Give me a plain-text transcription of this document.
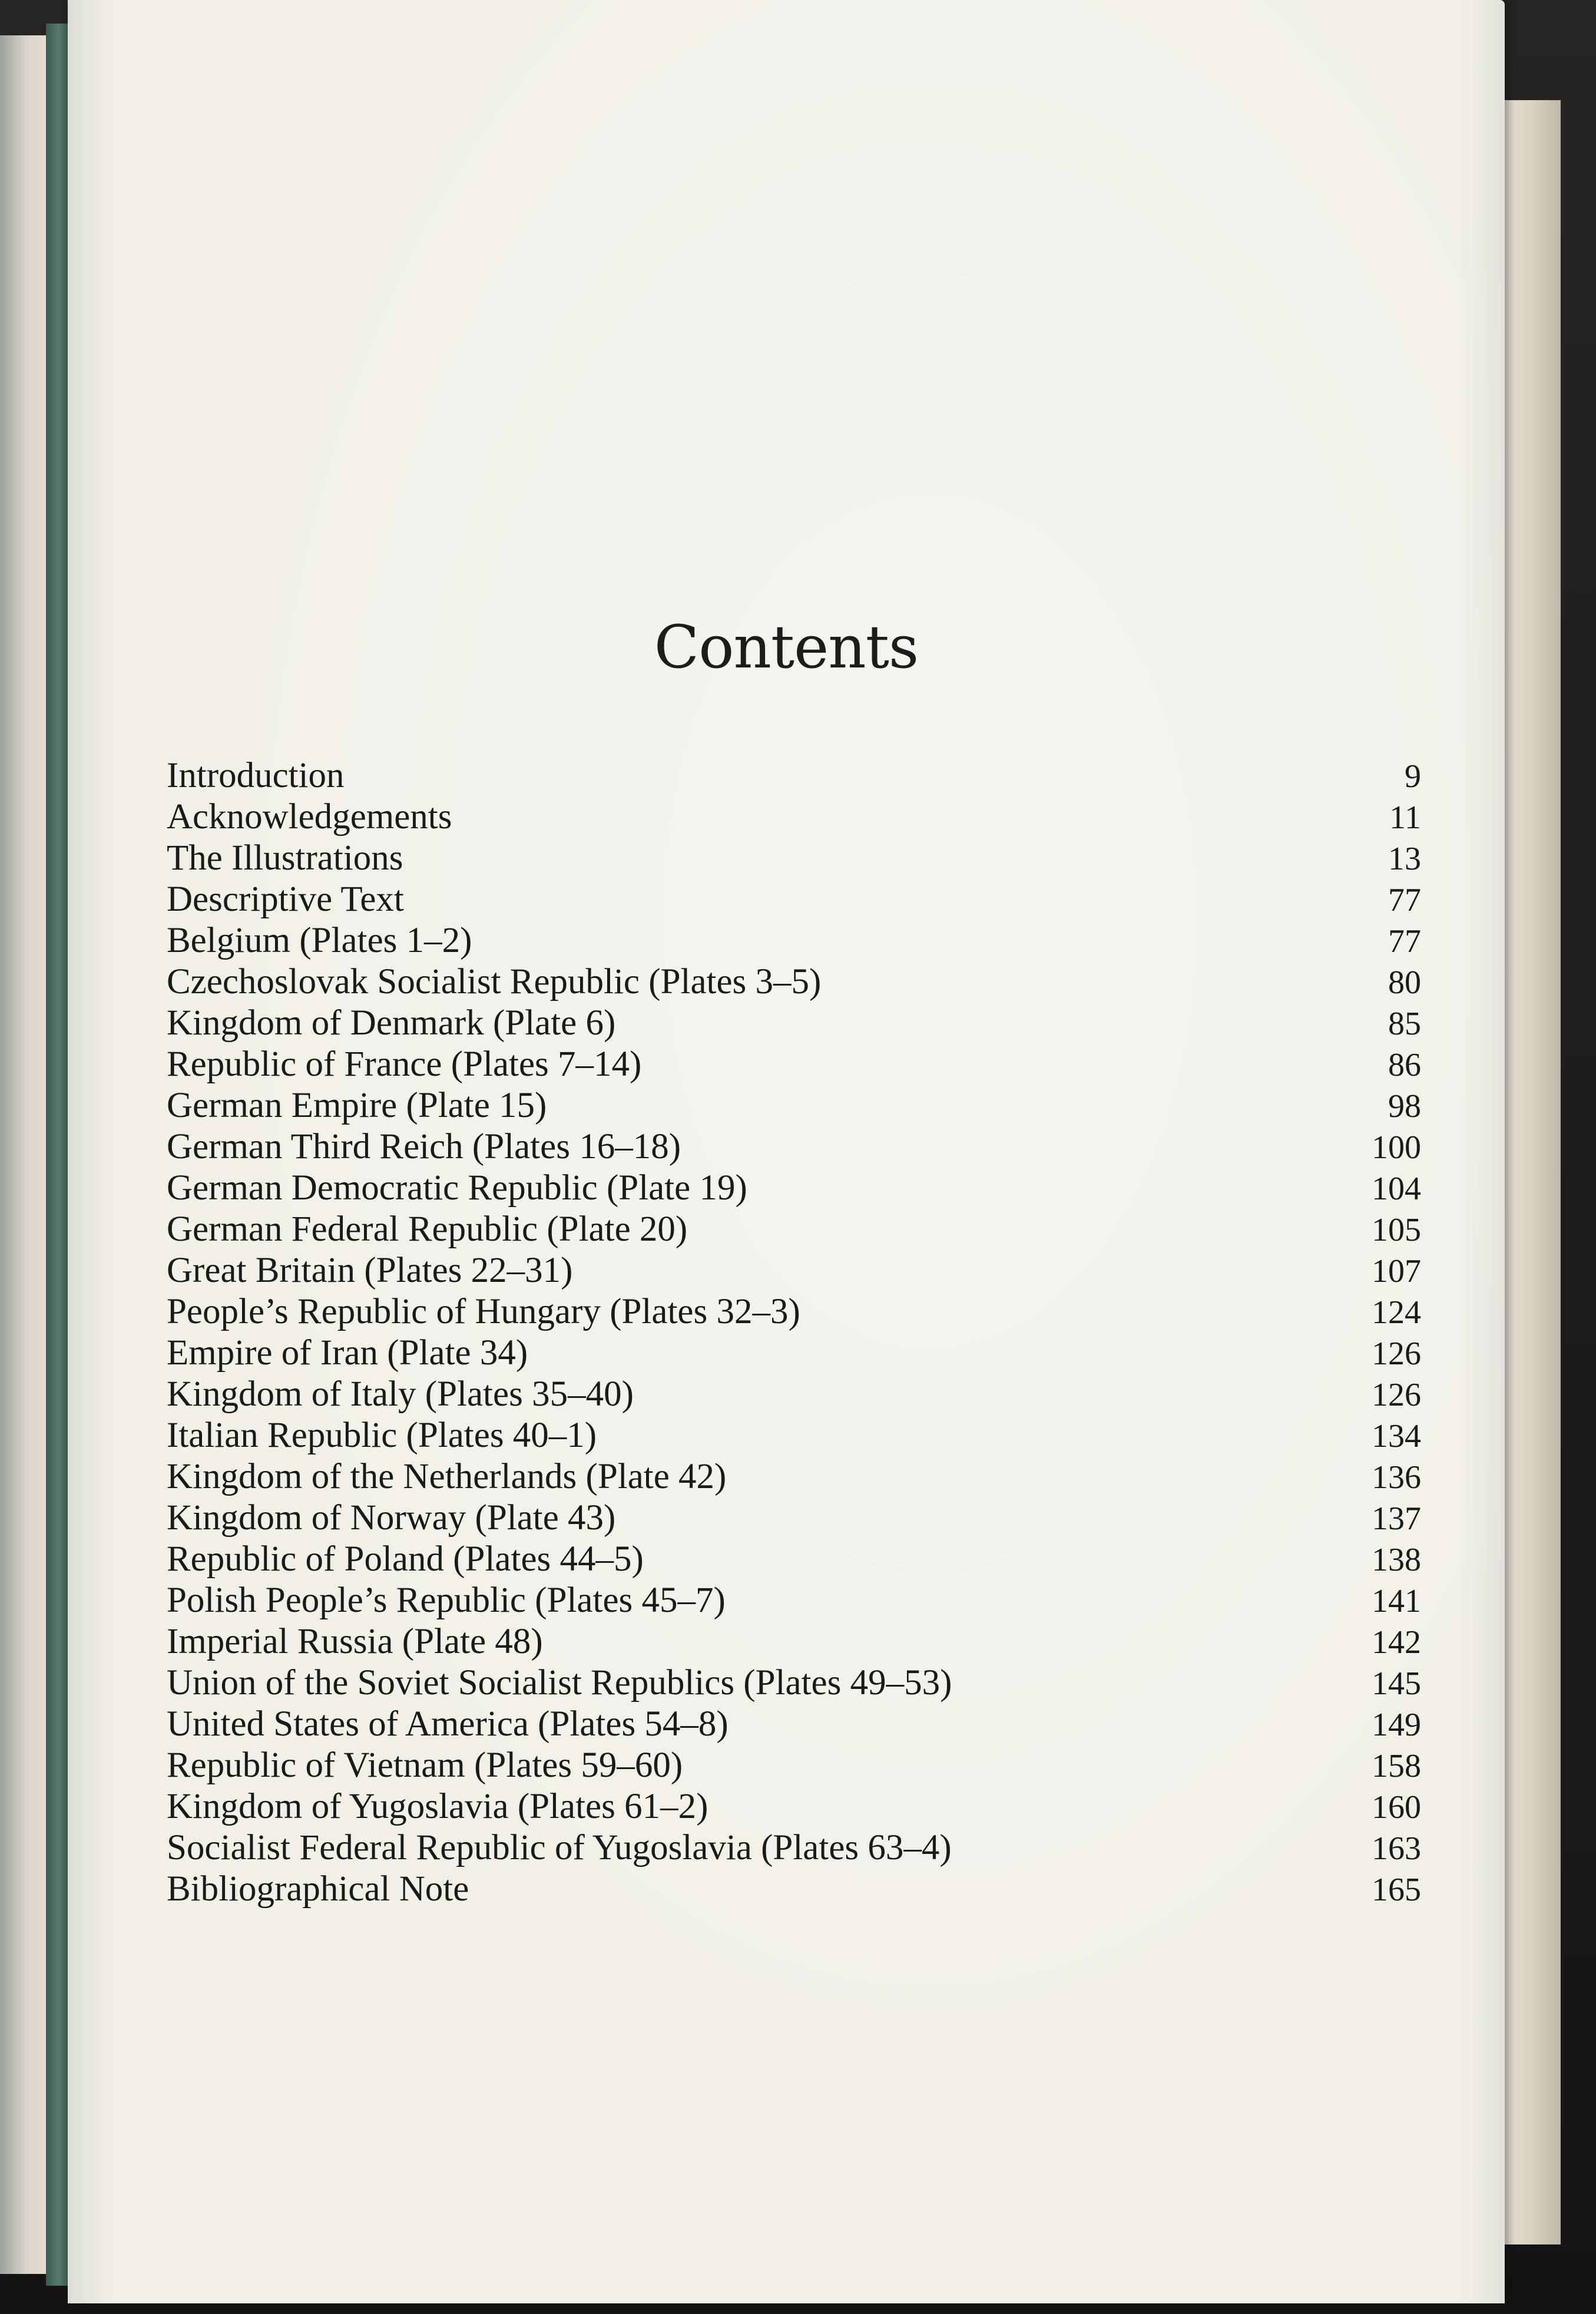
Contents
Introduction	9
Acknowledgements	11
The Illustrations	13
Descriptive Text	77
Belgium (Plates 1–2)	77
Czechoslovak Socialist Republic (Plates 3–5)	80
Kingdom of Denmark (Plate 6)	85
Republic of France (Plates 7–14)	86
German Empire (Plate 15)	98
German Third Reich (Plates 16–18)	100
German Democratic Republic (Plate 19)	104
German Federal Republic (Plate 20)	105
Great Britain (Plates 22–31)	107
People’s Republic of Hungary (Plates 32–3)	124
Empire of Iran (Plate 34)	126
Kingdom of Italy (Plates 35–40)	126
Italian Republic (Plates 40–1)	134
Kingdom of the Netherlands (Plate 42)	136
Kingdom of Norway (Plate 43)	137
Republic of Poland (Plates 44–5)	138
Polish People’s Republic (Plates 45–7)	141
Imperial Russia (Plate 48)	142
Union of the Soviet Socialist Republics (Plates 49–53)	145
United States of America (Plates 54–8)	149
Republic of Vietnam (Plates 59–60)	158
Kingdom of Yugoslavia (Plates 61–2)	160
Socialist Federal Republic of Yugoslavia (Plates 63–4)	163
Bibliographical Note	165
